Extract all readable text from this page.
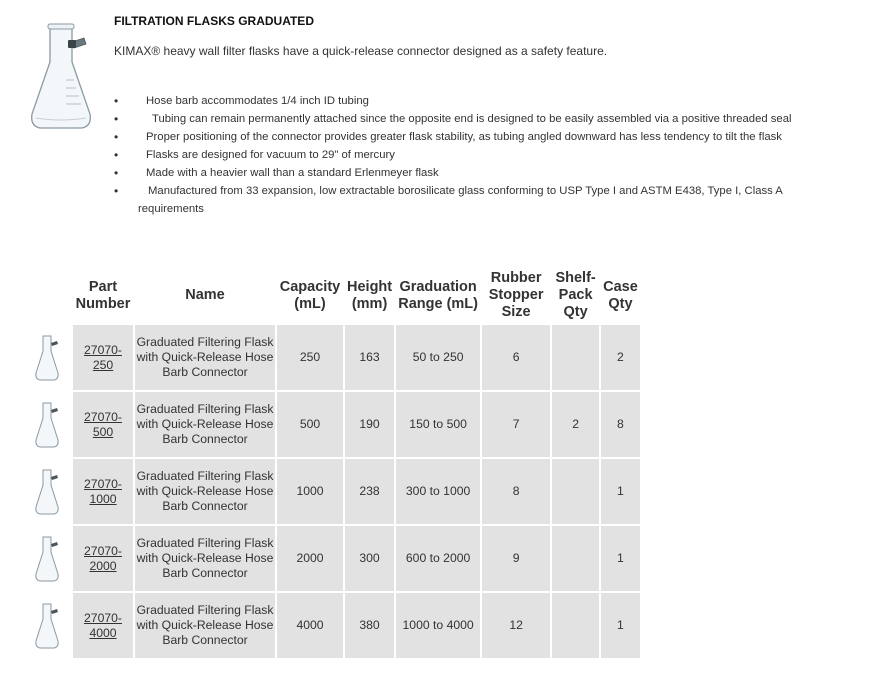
FILTRATION FLASKS GRADUATED
KIMAX® heavy wall filter flasks have a quick-release connector designed as a safety feature.
• Hose barb accommodates 1/4 inch ID tubing
• Tubing can remain permanently attached since the opposite end is designed to be easily assembled via a positive threaded seal
• Proper positioning of the connector provides greater flask stability, as tubing angled downward has less tendency to tilt the flask
• Flasks are designed for vacuum to 29" of mercury
• Made with a heavier wall than a standard Erlenmeyer flask
• Manufactured from 33 expansion, low extractable borosilicate glass conforming to USP Type I and ASTM E438, Type I, Class A requirements
	Part Number	Name	Capacity (mL)	Height (mm)	Graduation Range (mL)	Rubber Stopper Size	Shelf-Pack Qty	Case Qty

	27070-250	Graduated Filtering Flask with Quick-Release Hose Barb Connector	250	163	50 to 250	6		2

	27070-500	Graduated Filtering Flask with Quick-Release Hose Barb Connector	500	190	150 to 500	7	2	8

	27070-1000	Graduated Filtering Flask with Quick-Release Hose Barb Connector	1000	238	300 to 1000	8		1

	27070-2000	Graduated Filtering Flask with Quick-Release Hose Barb Connector	2000	300	600 to 2000	9		1

	27070-4000	Graduated Filtering Flask with Quick-Release Hose Barb Connector	4000	380	1000 to 4000	12		1
